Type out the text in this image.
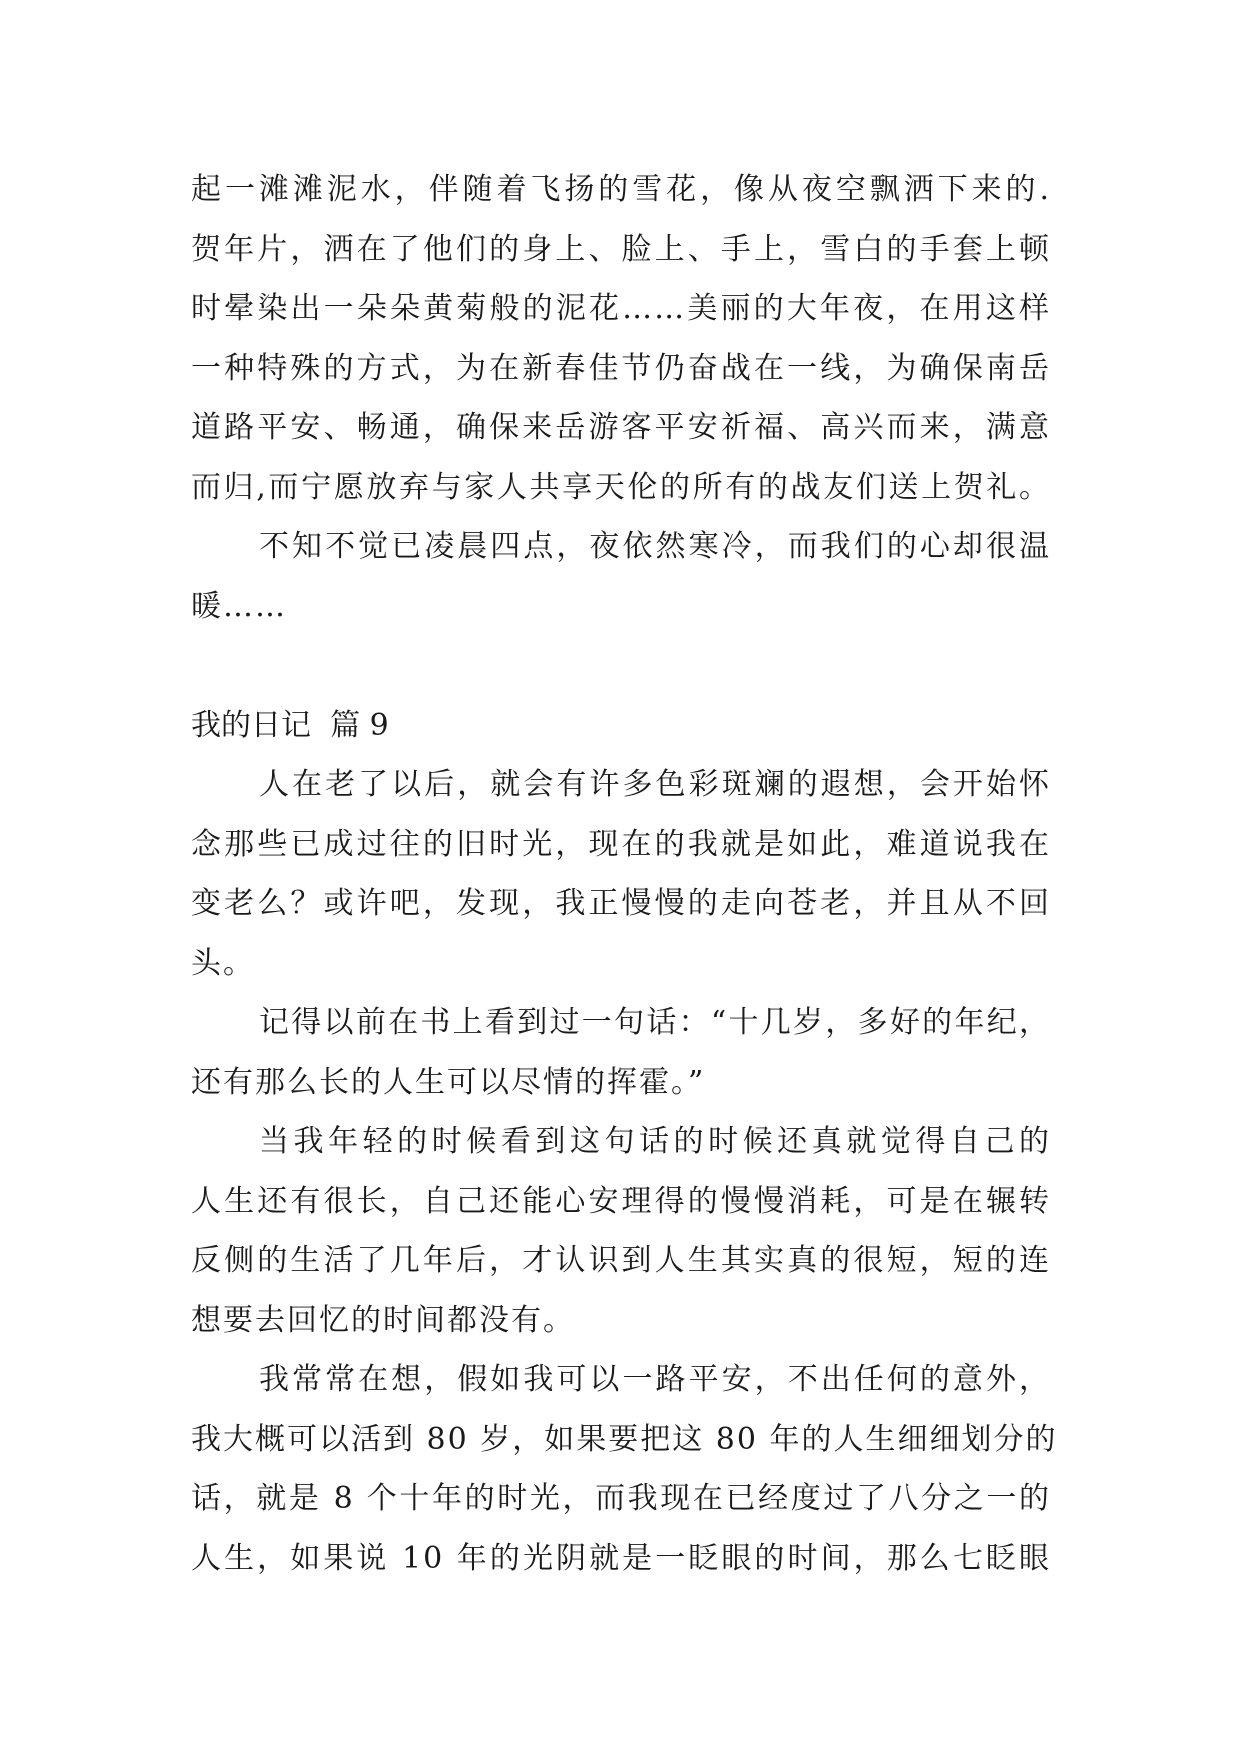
起一滩滩泥水，伴随着飞扬的雪花，像从夜空飘洒下来的.
贺年片，洒在了他们的身上、脸上、手上，雪白的手套上顿
时晕染出一朵朵黄菊般的泥花……美丽的大年夜，在用这样
一种特殊的方式，为在新春佳节仍奋战在一线，为确保南岳
道路平安、畅通，确保来岳游客平安祈福、高兴而来，满意
而归,而宁愿放弃与家人共享天伦的所有的战友们送上贺礼。
不知不觉已凌晨四点，夜依然寒冷，而我们的心却很温
暖……
我的日记  篇 9
人在老了以后，就会有许多色彩斑斓的遐想，会开始怀
念那些已成过往的旧时光，现在的我就是如此，难道说我在
变老么？或许吧，发现，我正慢慢的走向苍老，并且从不回
头。
记得以前在书上看到过一句话：“十几岁，多好的年纪，
还有那么长的人生可以尽情的挥霍。”
当我年轻的时候看到这句话的时候还真就觉得自己的
人生还有很长，自己还能心安理得的慢慢消耗，可是在辗转
反侧的生活了几年后，才认识到人生其实真的很短，短的连
想要去回忆的时间都没有。
我常常在想，假如我可以一路平安，不出任何的意外，
我大概可以活到 80 岁，如果要把这 80 年的人生细细划分的
话，就是 8 个十年的时光，而我现在已经度过了八分之一的
人生，如果说 10 年的光阴就是一眨眼的时间，那么七眨眼
